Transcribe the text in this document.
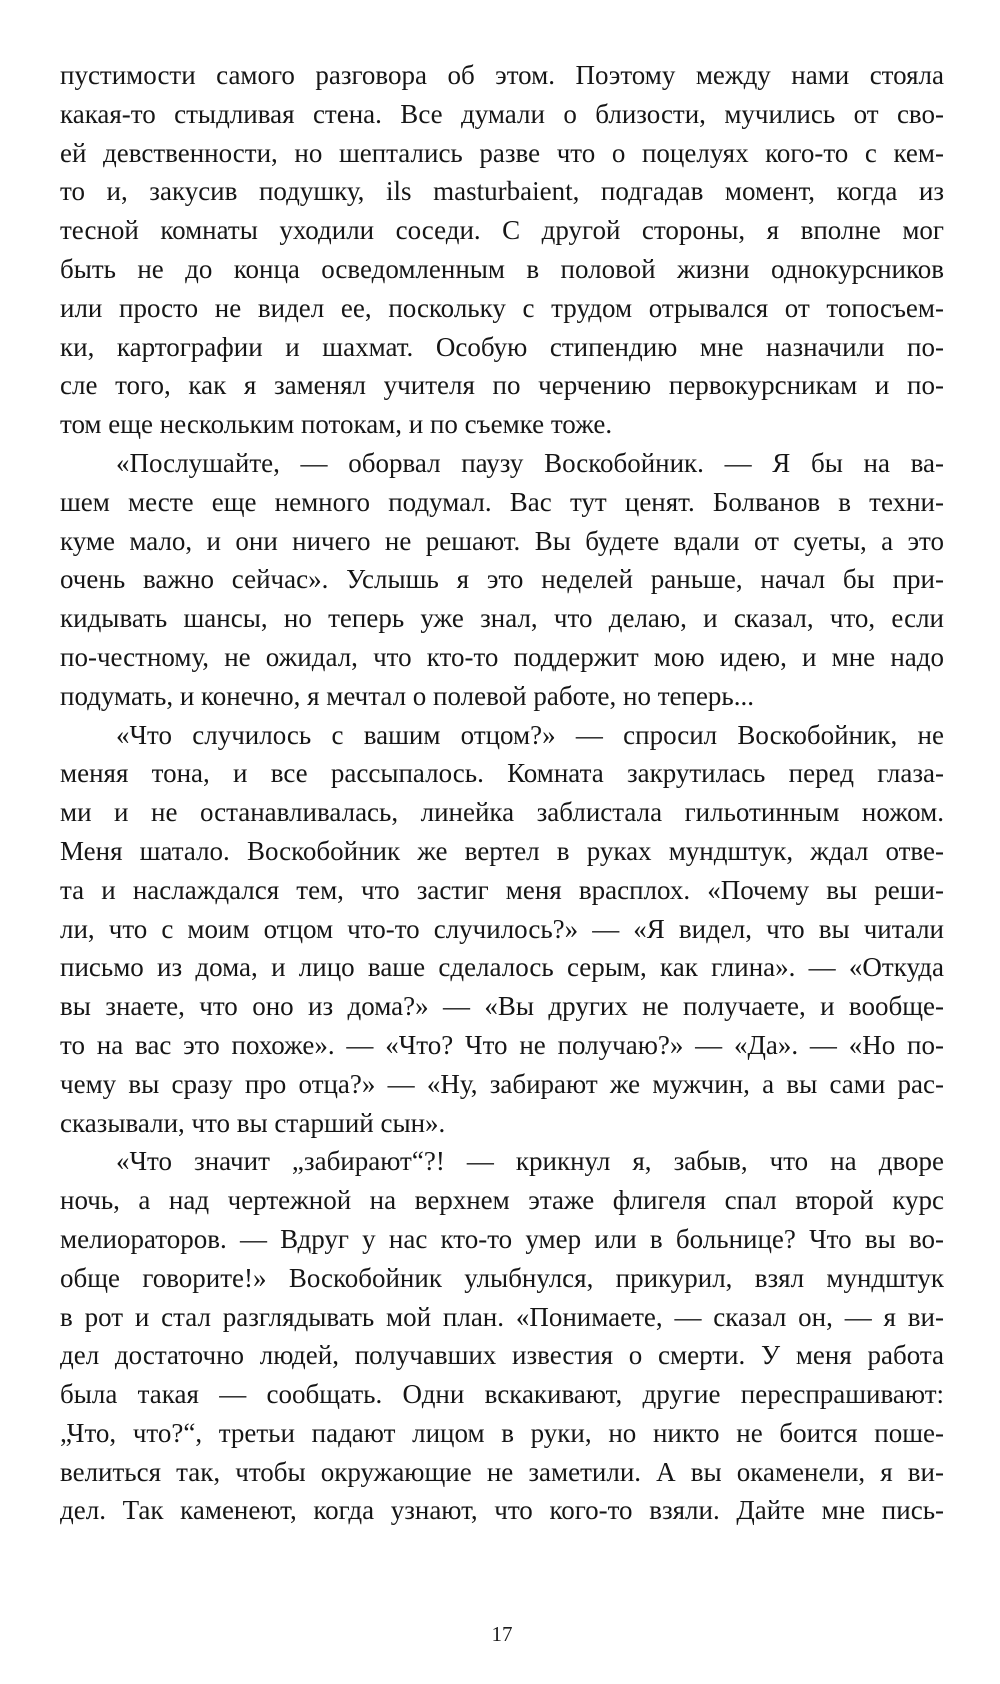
пустимости самого разговора об этом. Поэтому между нами стояла
какая-то стыдливая стена. Все думали о близости, мучились от сво-
ей девственности, но шептались разве что о поцелуях кого-то с кем-
то и, закусив подушку, ils masturbaient, подгадав момент, когда из
тесной комнаты уходили соседи. С другой стороны, я вполне мог
быть не до конца осведомленным в половой жизни однокурсников
или просто не видел ее, поскольку с трудом отрывался от топосъем-
ки, картографии и шахмат. Особую стипендию мне назначили по-
сле того, как я заменял учителя по черчению первокурсникам и по-
том еще нескольким потокам, и по съемке тоже.
«Послушайте, — оборвал паузу Воскобойник. — Я бы на ва-
шем месте еще немного подумал. Вас тут ценят. Болванов в техни-
куме мало, и они ничего не решают. Вы будете вдали от суеты, а это
очень важно сейчас». Услышь я это неделей раньше, начал бы при-
кидывать шансы, но теперь уже знал, что делаю, и сказал, что, если
по-честному, не ожидал, что кто-то поддержит мою идею, и мне надо
подумать, и конечно, я мечтал о полевой работе, но теперь...
«Что случилось с вашим отцом?» — спросил Воскобойник, не
меняя тона, и все рассыпалось. Комната закрутилась перед глаза-
ми и не останавливалась, линейка заблистала гильотинным ножом.
Меня шатало. Воскобойник же вертел в руках мундштук, ждал отве-
та и наслаждался тем, что застиг меня врасплох. «Почему вы реши-
ли, что с моим отцом что-то случилось?» — «Я видел, что вы читали
письмо из дома, и лицо ваше сделалось серым, как глина». — «Откуда
вы знаете, что оно из дома?» — «Вы других не получаете, и вообще-
то на вас это похоже». — «Что? Что не получаю?» — «Да». — «Но по-
чему вы сразу про отца?» — «Ну, забирают же мужчин, а вы сами рас-
сказывали, что вы старший сын».
«Что значит „забирают“?! — крикнул я, забыв, что на дворе
ночь, а над чертежной на верхнем этаже флигеля спал второй курс
мелиораторов. — Вдруг у нас кто-то умер или в больнице? Что вы во-
обще говорите!» Воскобойник улыбнулся, прикурил, взял мундштук
в рот и стал разглядывать мой план. «Понимаете, — сказал он, — я ви-
дел достаточно людей, получавших известия о смерти. У меня работа
была такая — сообщать. Одни вскакивают, другие переспрашивают:
„Что, что?“, третьи падают лицом в руки, но никто не боится поше-
велиться так, чтобы окружающие не заметили. А вы окаменели, я ви-
дел. Так каменеют, когда узнают, что кого-то взяли. Дайте мне пись-
17
